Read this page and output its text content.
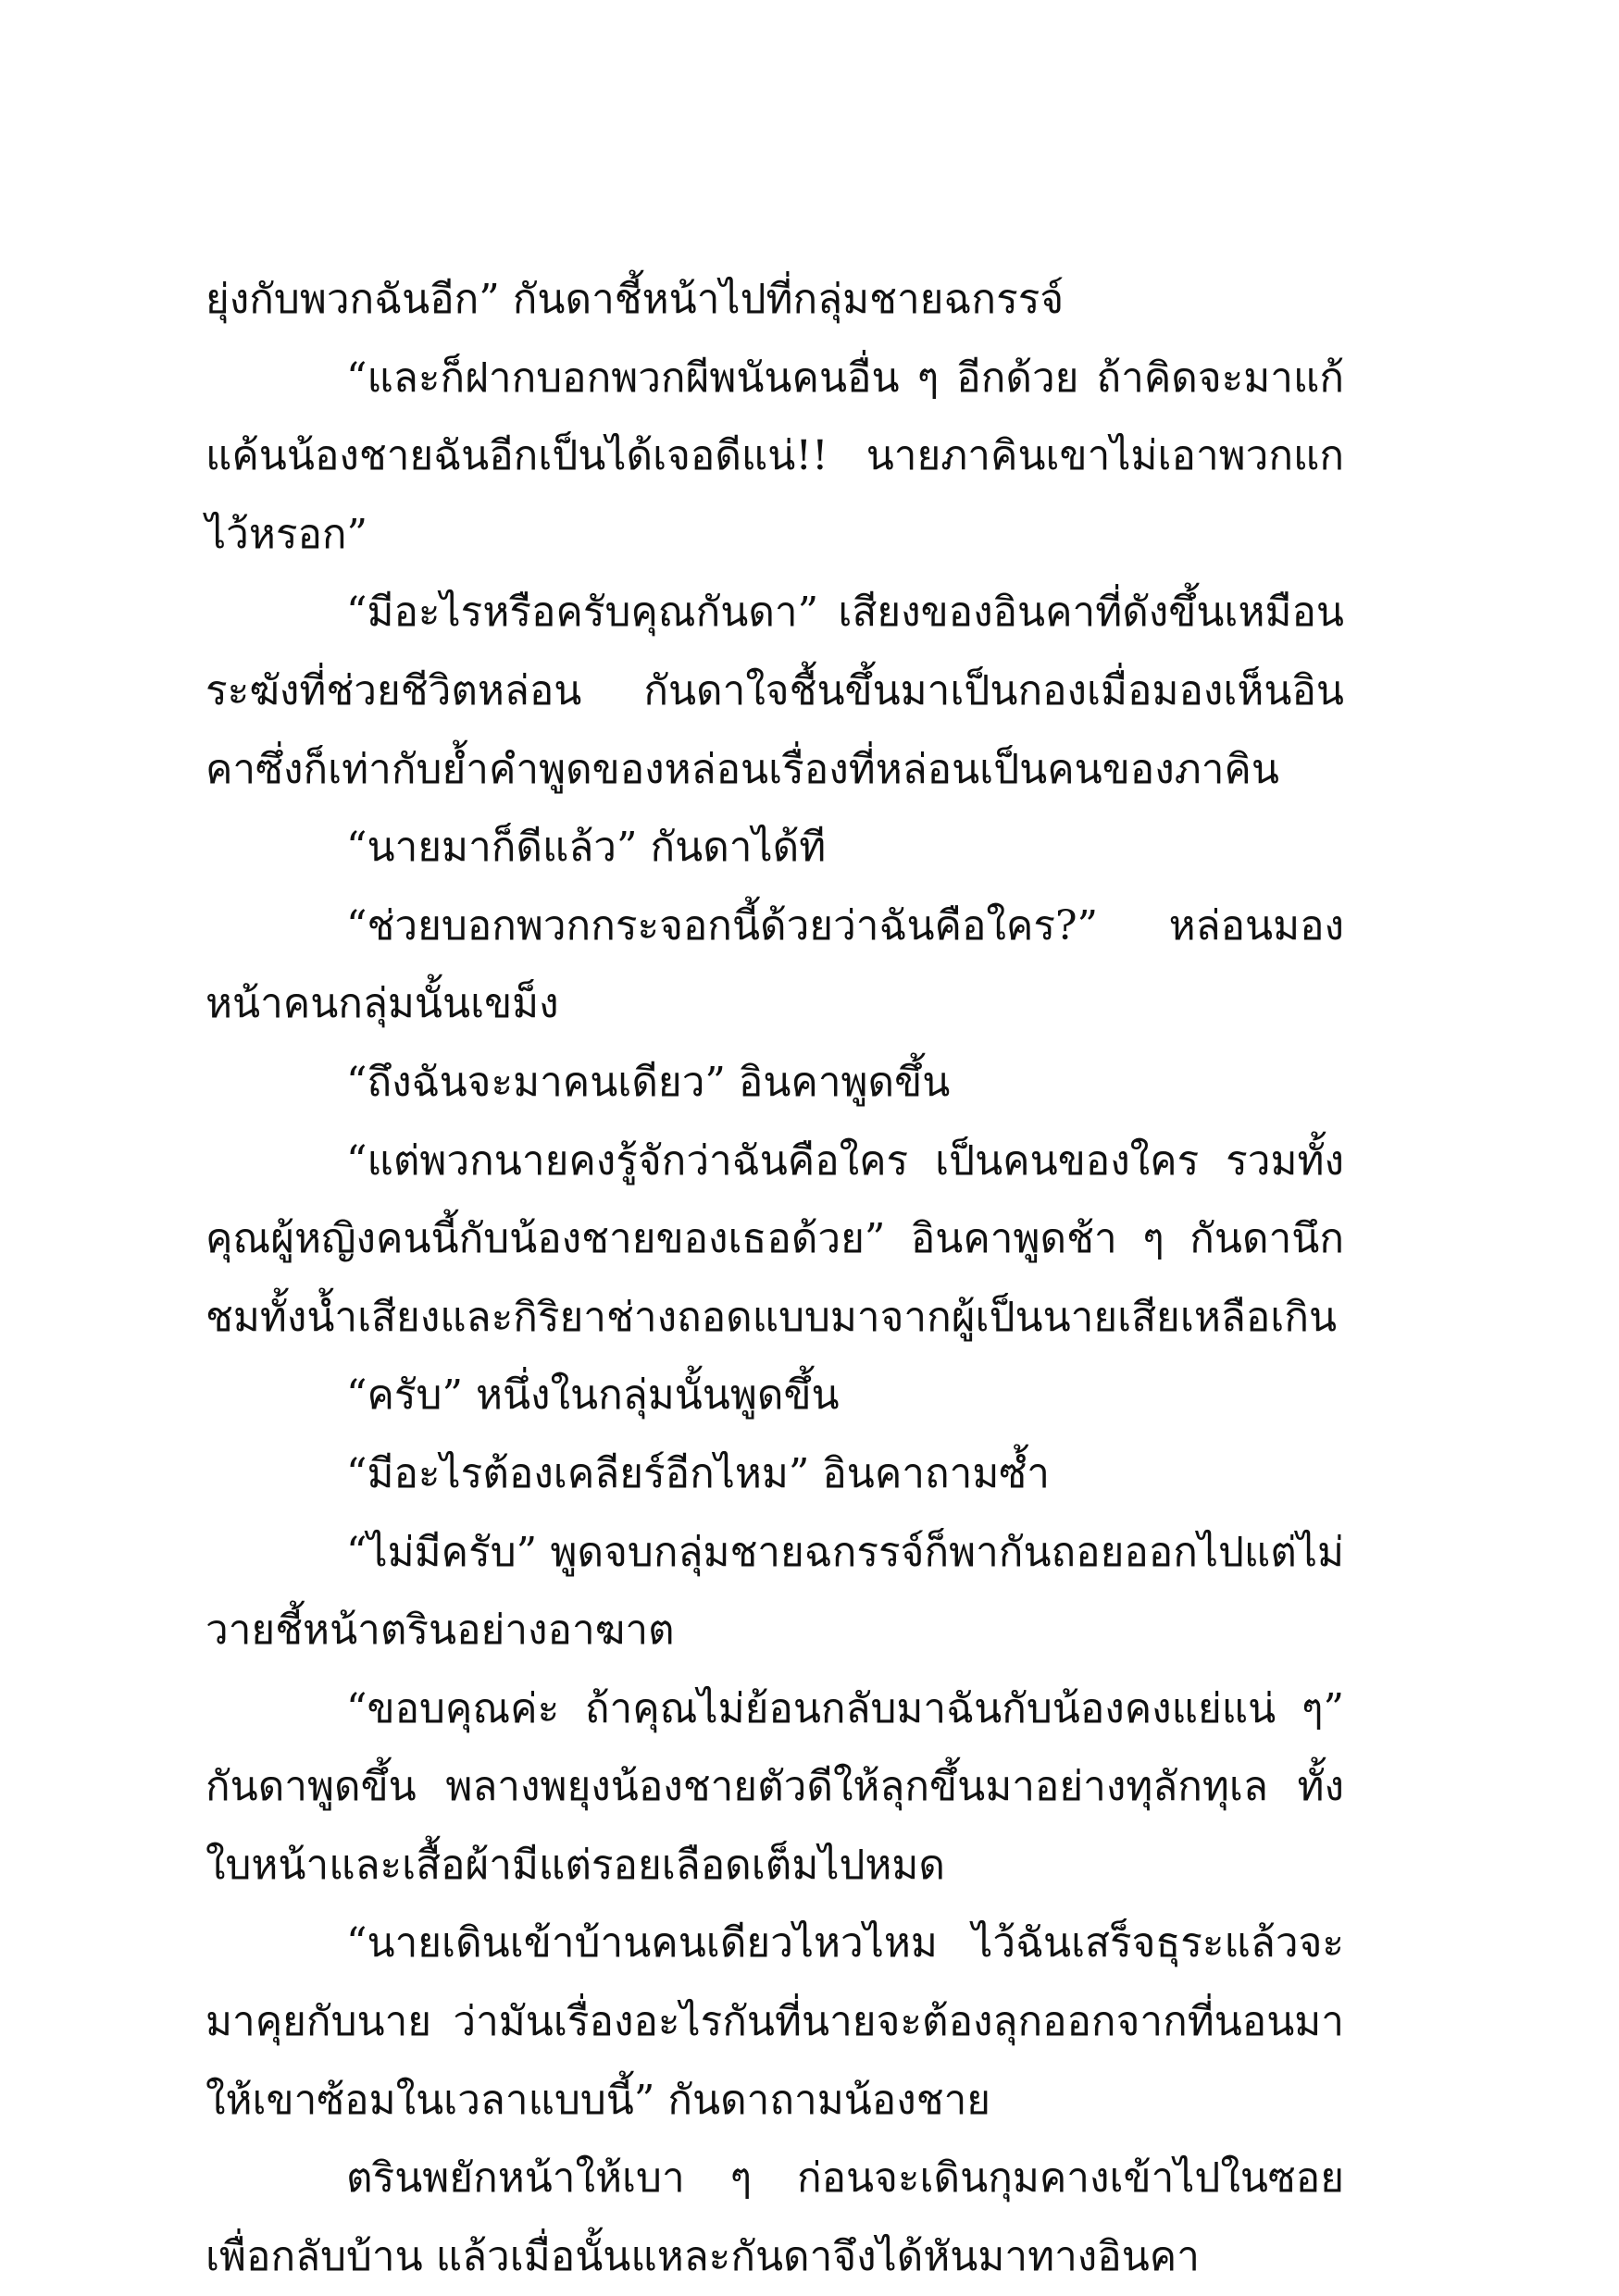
ยุ่งกับพวกฉันอีก” กันดาชี้หน้าไปที่กลุ่มชายฉกรรจ์

“และก็ฝากบอกพวกผีพนันคนอื่น ๆ อีกด้วย ถ้าคิดจะมาแก้แค้นน้องชายฉันอีกเป็นได้เจอดีแน่!! นายภาคินเขาไม่เอาพวกแกไว้หรอก”

“มีอะไรหรือครับคุณกันดา” เสียงของอินคาที่ดังขึ้นเหมือนระฆังที่ช่วยชีวิตหล่อน กันดาใจชื้นขึ้นมาเป็นกองเมื่อมองเห็นอินคาซึ่งก็เท่ากับย้ำคำพูดของหล่อนเรื่องที่หล่อนเป็นคนของภาคิน

“นายมาก็ดีแล้ว” กันดาได้ที

“ช่วยบอกพวกกระจอกนี้ด้วยว่าฉันคือใคร?” หล่อนมองหน้าคนกลุ่มนั้นเขม็ง

“ถึงฉันจะมาคนเดียว” อินคาพูดขึ้น

“แต่พวกนายคงรู้จักว่าฉันคือใคร เป็นคนของใคร รวมทั้งคุณผู้หญิงคนนี้กับน้องชายของเธอด้วย” อินคาพูดช้า ๆ กันดานึกชมทั้งน้ำเสียงและกิริยาช่างถอดแบบมาจากผู้เป็นนายเสียเหลือเกิน

“ครับ” หนึ่งในกลุ่มนั้นพูดขึ้น

“มีอะไรต้องเคลียร์อีกไหม” อินคาถามซ้ำ

“ไม่มีครับ” พูดจบกลุ่มชายฉกรรจ์ก็พากันถอยออกไปแต่ไม่วายชี้หน้าตรินอย่างอาฆาต

“ขอบคุณค่ะ ถ้าคุณไม่ย้อนกลับมาฉันกับน้องคงแย่แน่ ๆ” กันดาพูดขึ้น พลางพยุงน้องชายตัวดีให้ลุกขึ้นมาอย่างทุลักทุเล ทั้งใบหน้าและเสื้อผ้ามีแต่รอยเลือดเต็มไปหมด

“นายเดินเข้าบ้านคนเดียวไหวไหม ไว้ฉันเสร็จธุระแล้วจะมาคุยกับนาย ว่ามันเรื่องอะไรกันที่นายจะต้องลุกออกจากที่นอนมาให้เขาซ้อมในเวลาแบบนี้” กันดาถามน้องชาย

ตรินพยักหน้าให้เบา ๆ ก่อนจะเดินกุมคางเข้าไปในซอยเพื่อกลับบ้าน แล้วเมื่อนั้นแหละกันดาจึงได้หันมาทางอินคา
